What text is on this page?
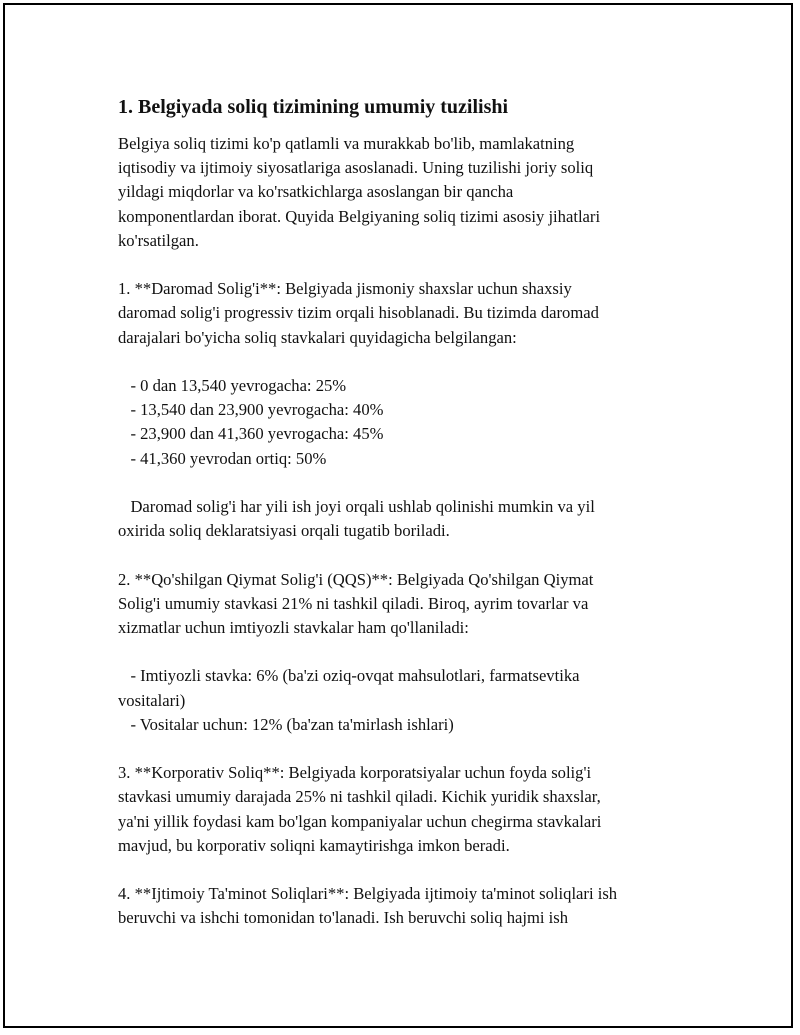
1. Belgiyada soliq tizimining umumiy tuzilishi

Belgiya soliq tizimi ko'p qatlamli va murakkab bo'lib, mamlakatning
iqtisodiy va ijtimoiy siyosatlariga asoslanadi. Uning tuzilishi joriy soliq
yildagi miqdorlar va ko'rsatkichlarga asoslangan bir qancha
komponentlardan iborat. Quyida Belgiyaning soliq tizimi asosiy jihatlari
ko'rsatilgan.

1. **Daromad Solig'i**: Belgiyada jismoniy shaxslar uchun shaxsiy
daromad solig'i progressiv tizim orqali hisoblanadi. Bu tizimda daromad
darajalari bo'yicha soliq stavkalari quyidagicha belgilangan:

- 0 dan 13,540 yevrogacha: 25%

- 13,540 dan 23,900 yevrogacha: 40%

- 23,900 dan 41,360 yevrogacha: 45%

- 41,360 yevrodan ortiq: 50%

Daromad solig'i har yili ish joyi orqali ushlab qolinishi mumkin va yil
oxirida soliq deklaratsiyasi orqali tugatib boriladi.

2. **Qo'shilgan Qiymat Solig'i (QQS)**: Belgiyada Qo'shilgan Qiymat
Solig'i umumiy stavkasi 21% ni tashkil qiladi. Biroq, ayrim tovarlar va
xizmatlar uchun imtiyozli stavkalar ham qo'llaniladi:

- Imtiyozli stavka: 6% (ba'zi oziq-ovqat mahsulotlari, farmatsevtika
vositalari)

- Vositalar uchun: 12% (ba'zan ta'mirlash ishlari)

3. **Korporativ Soliq**: Belgiyada korporatsiyalar uchun foyda solig'i
stavkasi umumiy darajada 25% ni tashkil qiladi. Kichik yuridik shaxslar,
ya'ni yillik foydasi kam bo'lgan kompaniyalar uchun chegirma stavkalari
mavjud, bu korporativ soliqni kamaytirishga imkon beradi.

4. **Ijtimoiy Ta'minot Soliqlari**: Belgiyada ijtimoiy ta'minot soliqlari ish
beruvchi va ishchi tomonidan to'lanadi. Ish beruvchi soliq hajmi ish
